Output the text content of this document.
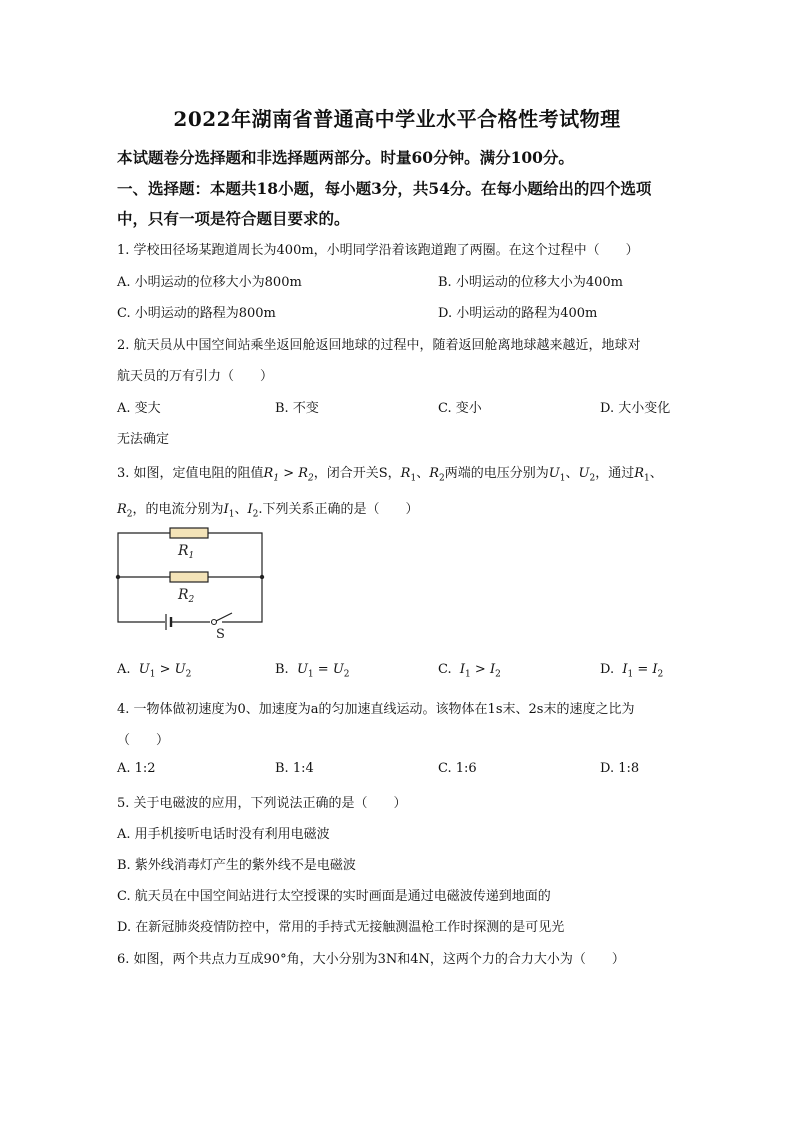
2022年湖南省普通高中学业水平合格性考试物理
本试题卷分选择题和非选择题两部分。时量60分钟。满分100分。
一、选择题：本题共18小题，每小题3分，共54分。在每小题给出的四个选项
中，只有一项是符合题目要求的。
1. 学校田径场某跑道周长为400m，小明同学沿着该跑道跑了两圈。在这个过程中（　　）
A. 小明运动的位移大小为800m	B. 小明运动的位移大小为400m
C. 小明运动的路程为800m	D. 小明运动的路程为400m
2. 航天员从中国空间站乘坐返回舱返回地球的过程中，随着返回舱离地球越来越近，地球对
航天员的万有引力（　　）
A. 变大	B. 不变	C. 变小	D. 大小变化
无法确定
3. 如图，定值电阻的阻值$R_1 > R_2$，闭合开关S，$R_1$、$R_2$两端的电压分别为$U_1$、$U_2$，通过$R_1$、
$R_2$，的电流分别为$I_1$、$I_2$.下列关系正确的是（　　）
$R_1$
$R_2$
S
A. $U_1 > U_2$	B. $U_1 = U_2$	C. $I_1 > I_2$	D. $I_1 = I_2$
4. 一物体做初速度为0、加速度为a的匀加速直线运动。该物体在1s末、2s末的速度之比为
（　　）
A. 1:2	B. 1:4	C. 1:6	D. 1:8
5. 关于电磁波的应用，下列说法正确的是（　　）
A. 用手机接听电话时没有利用电磁波
B. 紫外线消毒灯产生的紫外线不是电磁波
C. 航天员在中国空间站进行太空授课的实时画面是通过电磁波传递到地面的
D. 在新冠肺炎疫情防控中，常用的手持式无接触测温枪工作时探测的是可见光
6. 如图，两个共点力互成90°角，大小分别为3N和4N，这两个力的合力大小为（　　）
